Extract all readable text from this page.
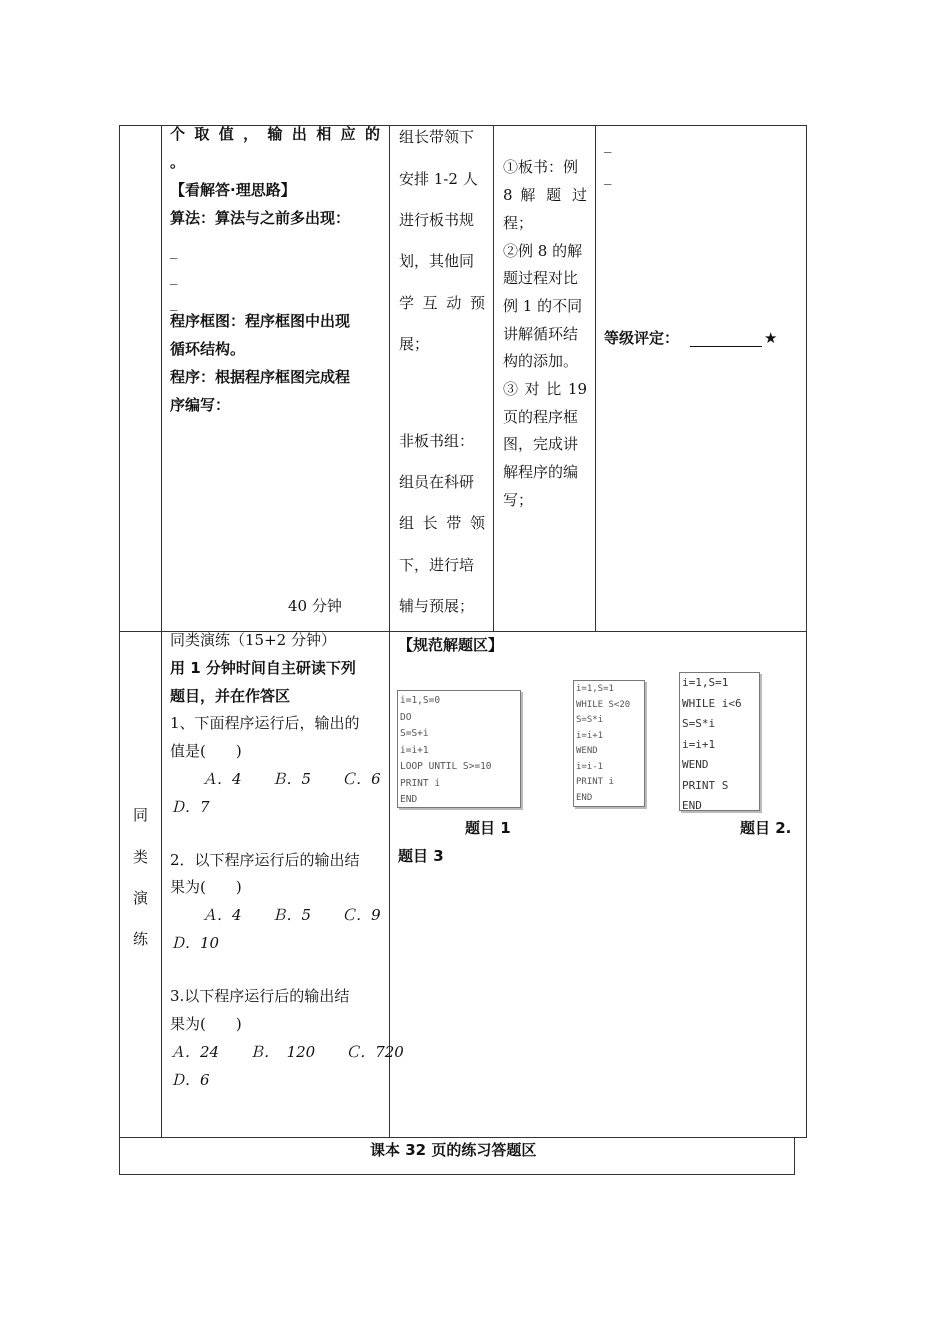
个 取 值 ， 输 出 相 应 的
。
【看解答·理思路】
算法：算法与之前多出现：
_
_
_
程序框图：程序框图中出现
循环结构。
程序：根据程序框图完成程
序编写：
40 分钟
组长带领下
安排 1-2 人
进行板书规
划，其他同
学 互 动 预
展；
非板书组：
组员在科研
组 长 带 领
下，进行培
辅与预展；
①板书：例
8 解 题 过
程；
②例 8 的解
题过程对比
例 1 的不同
讲解循环结
构的添加。
③ 对 比 19
页的程序框
图，完成讲
解程序的编
写；
_
_
等级评定：	★
同
类
演
练
同类演练（15+2 分钟）
用 1 分钟时间自主研读下列
题目，并在作答区
1、下面程序运行后，输出的
值是(　　)
Ａ．4　　Ｂ．5　　Ｃ．6
Ｄ．7
2．以下程序运行后的输出结
果为(　　)
Ａ．4　　Ｂ．5　　Ｃ．9
Ｄ．10
3.以下程序运行后的输出结
果为(　　)
Ａ．24　　Ｂ．　120　　Ｃ．720
Ｄ．6
【规范解题区】
i=1,S=0
DO
S=S+i
i=i+1
LOOP UNTIL S>=10
PRINT i
END
i=1,S=1
WHILE S<20
S=S*i
i=i+1
WEND
i=i-1
PRINT i
END
i=1,S=1
WHILE i<6
S=S*i
i=i+1
WEND
PRINT S
END
题目 1	题目 2.
题目 3
课本 32 页的练习答题区
